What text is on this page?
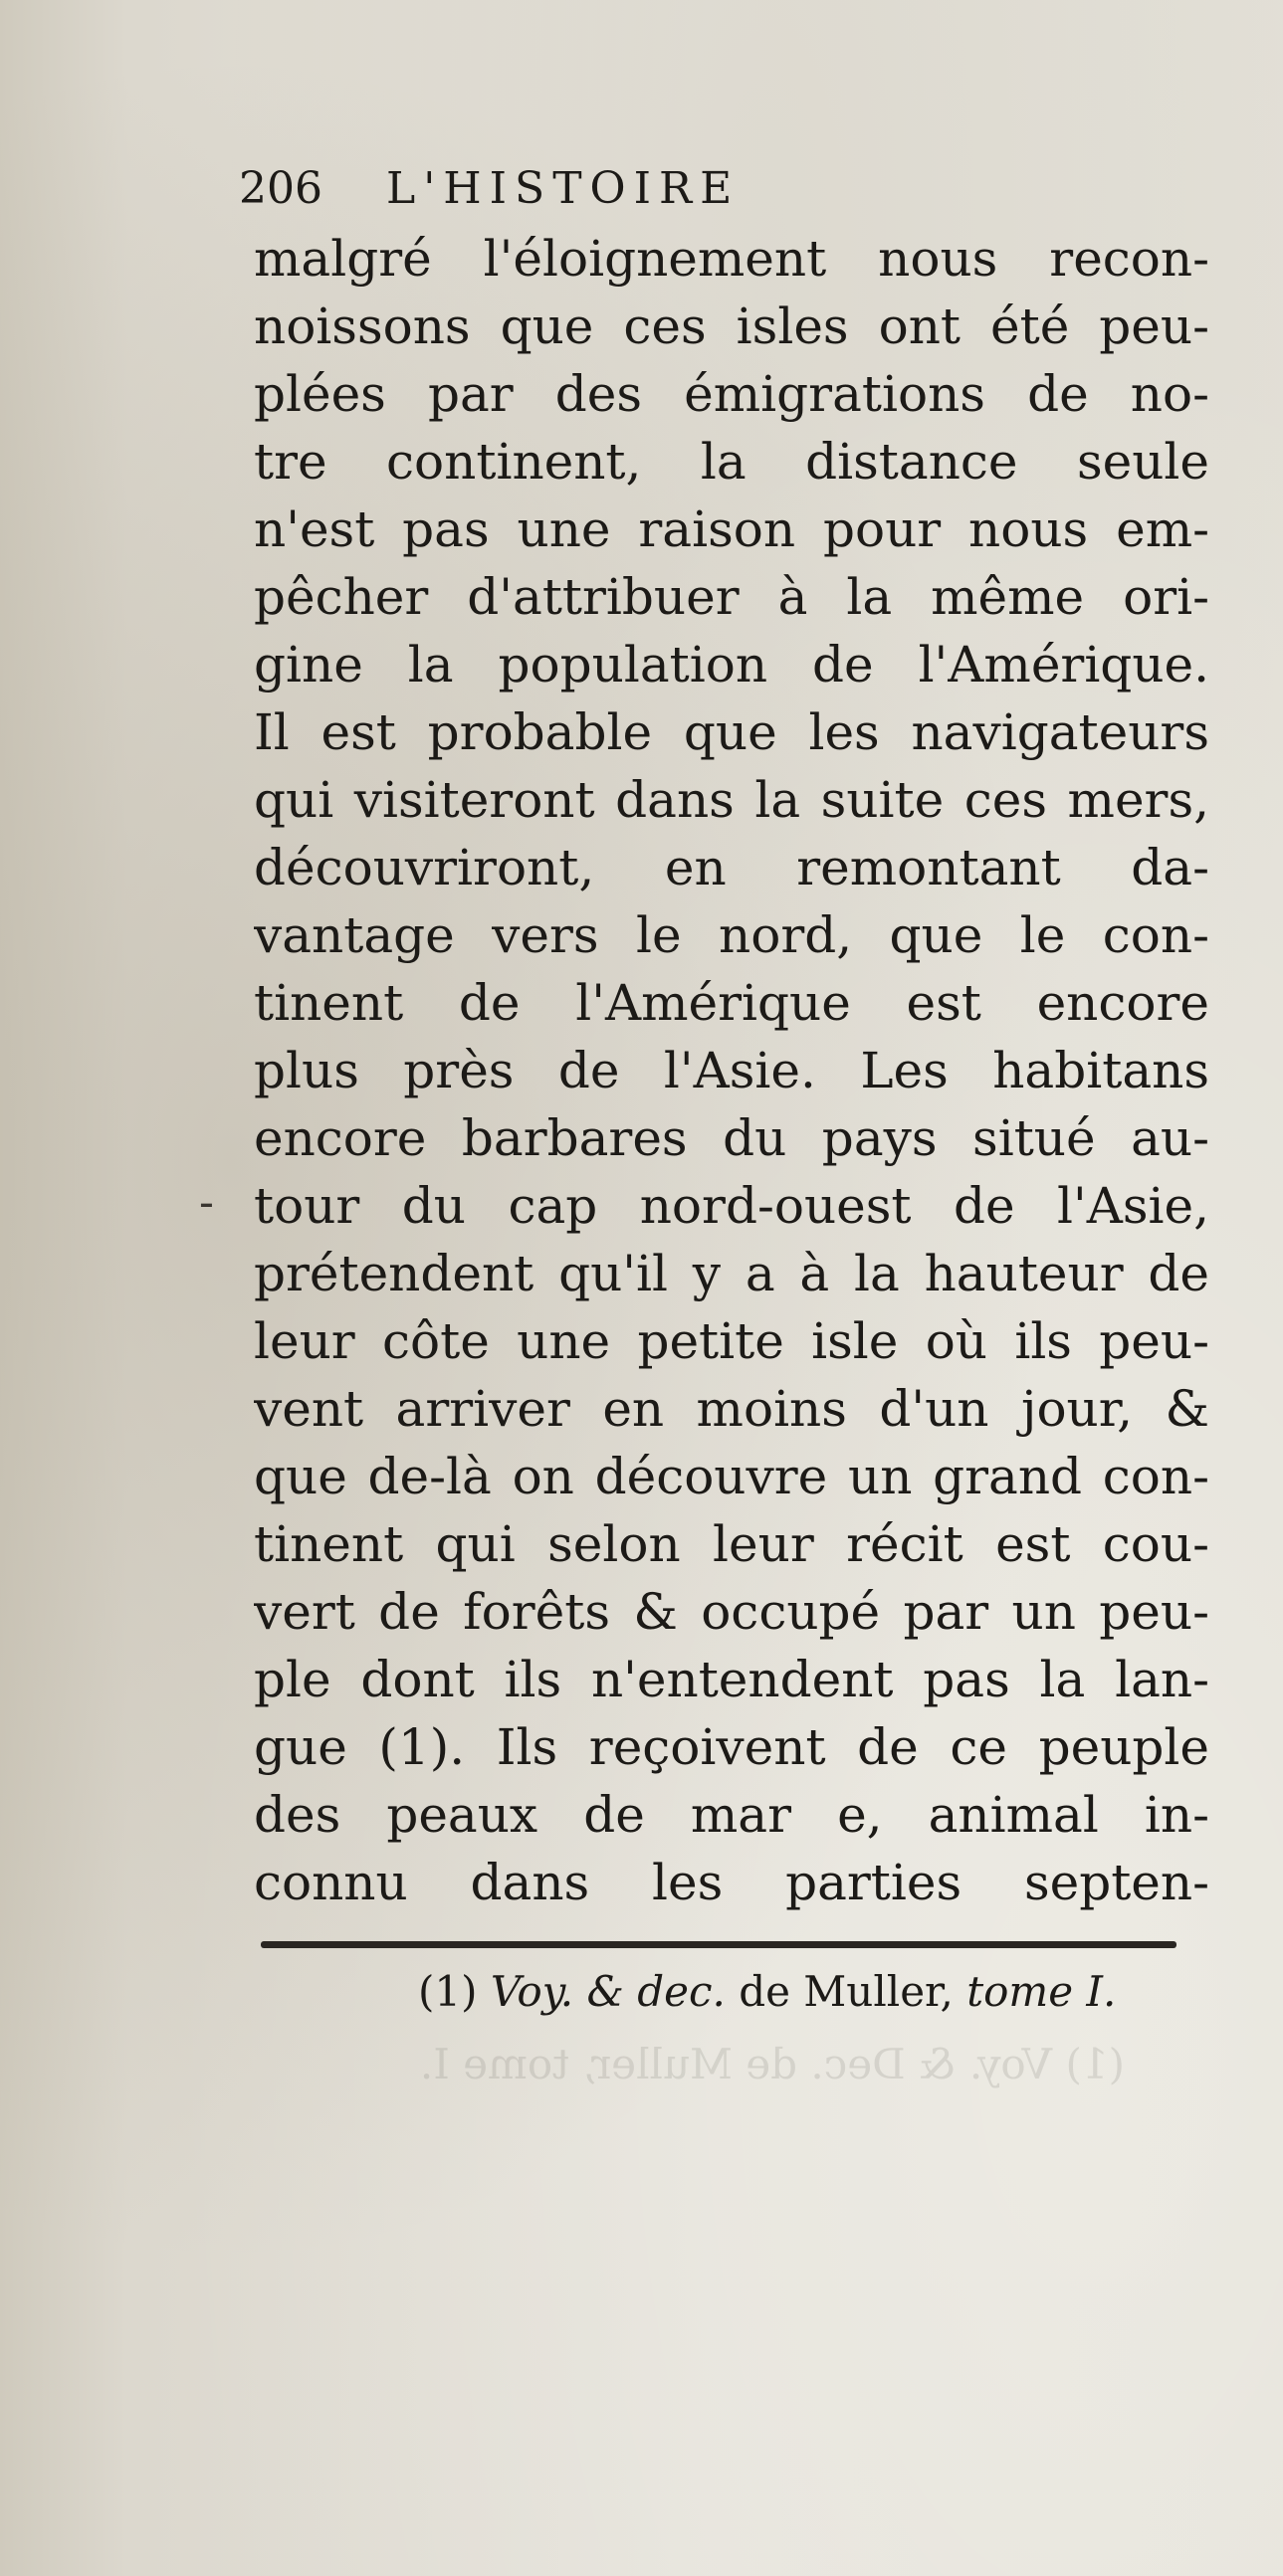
206 L'HISTOIRE
malgré l'éloignement nous recon-
noissons que ces isles ont été peu-
plées par des émigrations de no-
tre continent, la distance seule
n'est pas une raison pour nous em-
pêcher d'attribuer à la même ori-
gine la population de l'Amérique.
Il est probable que les navigateurs
qui visiteront dans la suite ces mers,
découvriront, en remontant da-
vantage vers le nord, que le con-
tinent de l'Amérique est encore
plus près de l'Asie. Les habitans
encore barbares du pays situé au-
tour du cap nord-ouest de l'Asie,
prétendent qu'il y a à la hauteur de
leur côte une petite isle où ils peu-
vent arriver en moins d'un jour, &
que de-là on découvre un grand con-
tinent qui selon leur récit est cou-
vert de forêts & occupé par un peu-
ple dont ils n'entendent pas la lan-
gue (1). Ils reçoivent de ce peuple
des peaux de mar e, animal in-
connu dans les parties septen-
(1) Voy. & dec. de Muller, tome I.
(1) Voy. & Dec. de Muller, tome I.
-
